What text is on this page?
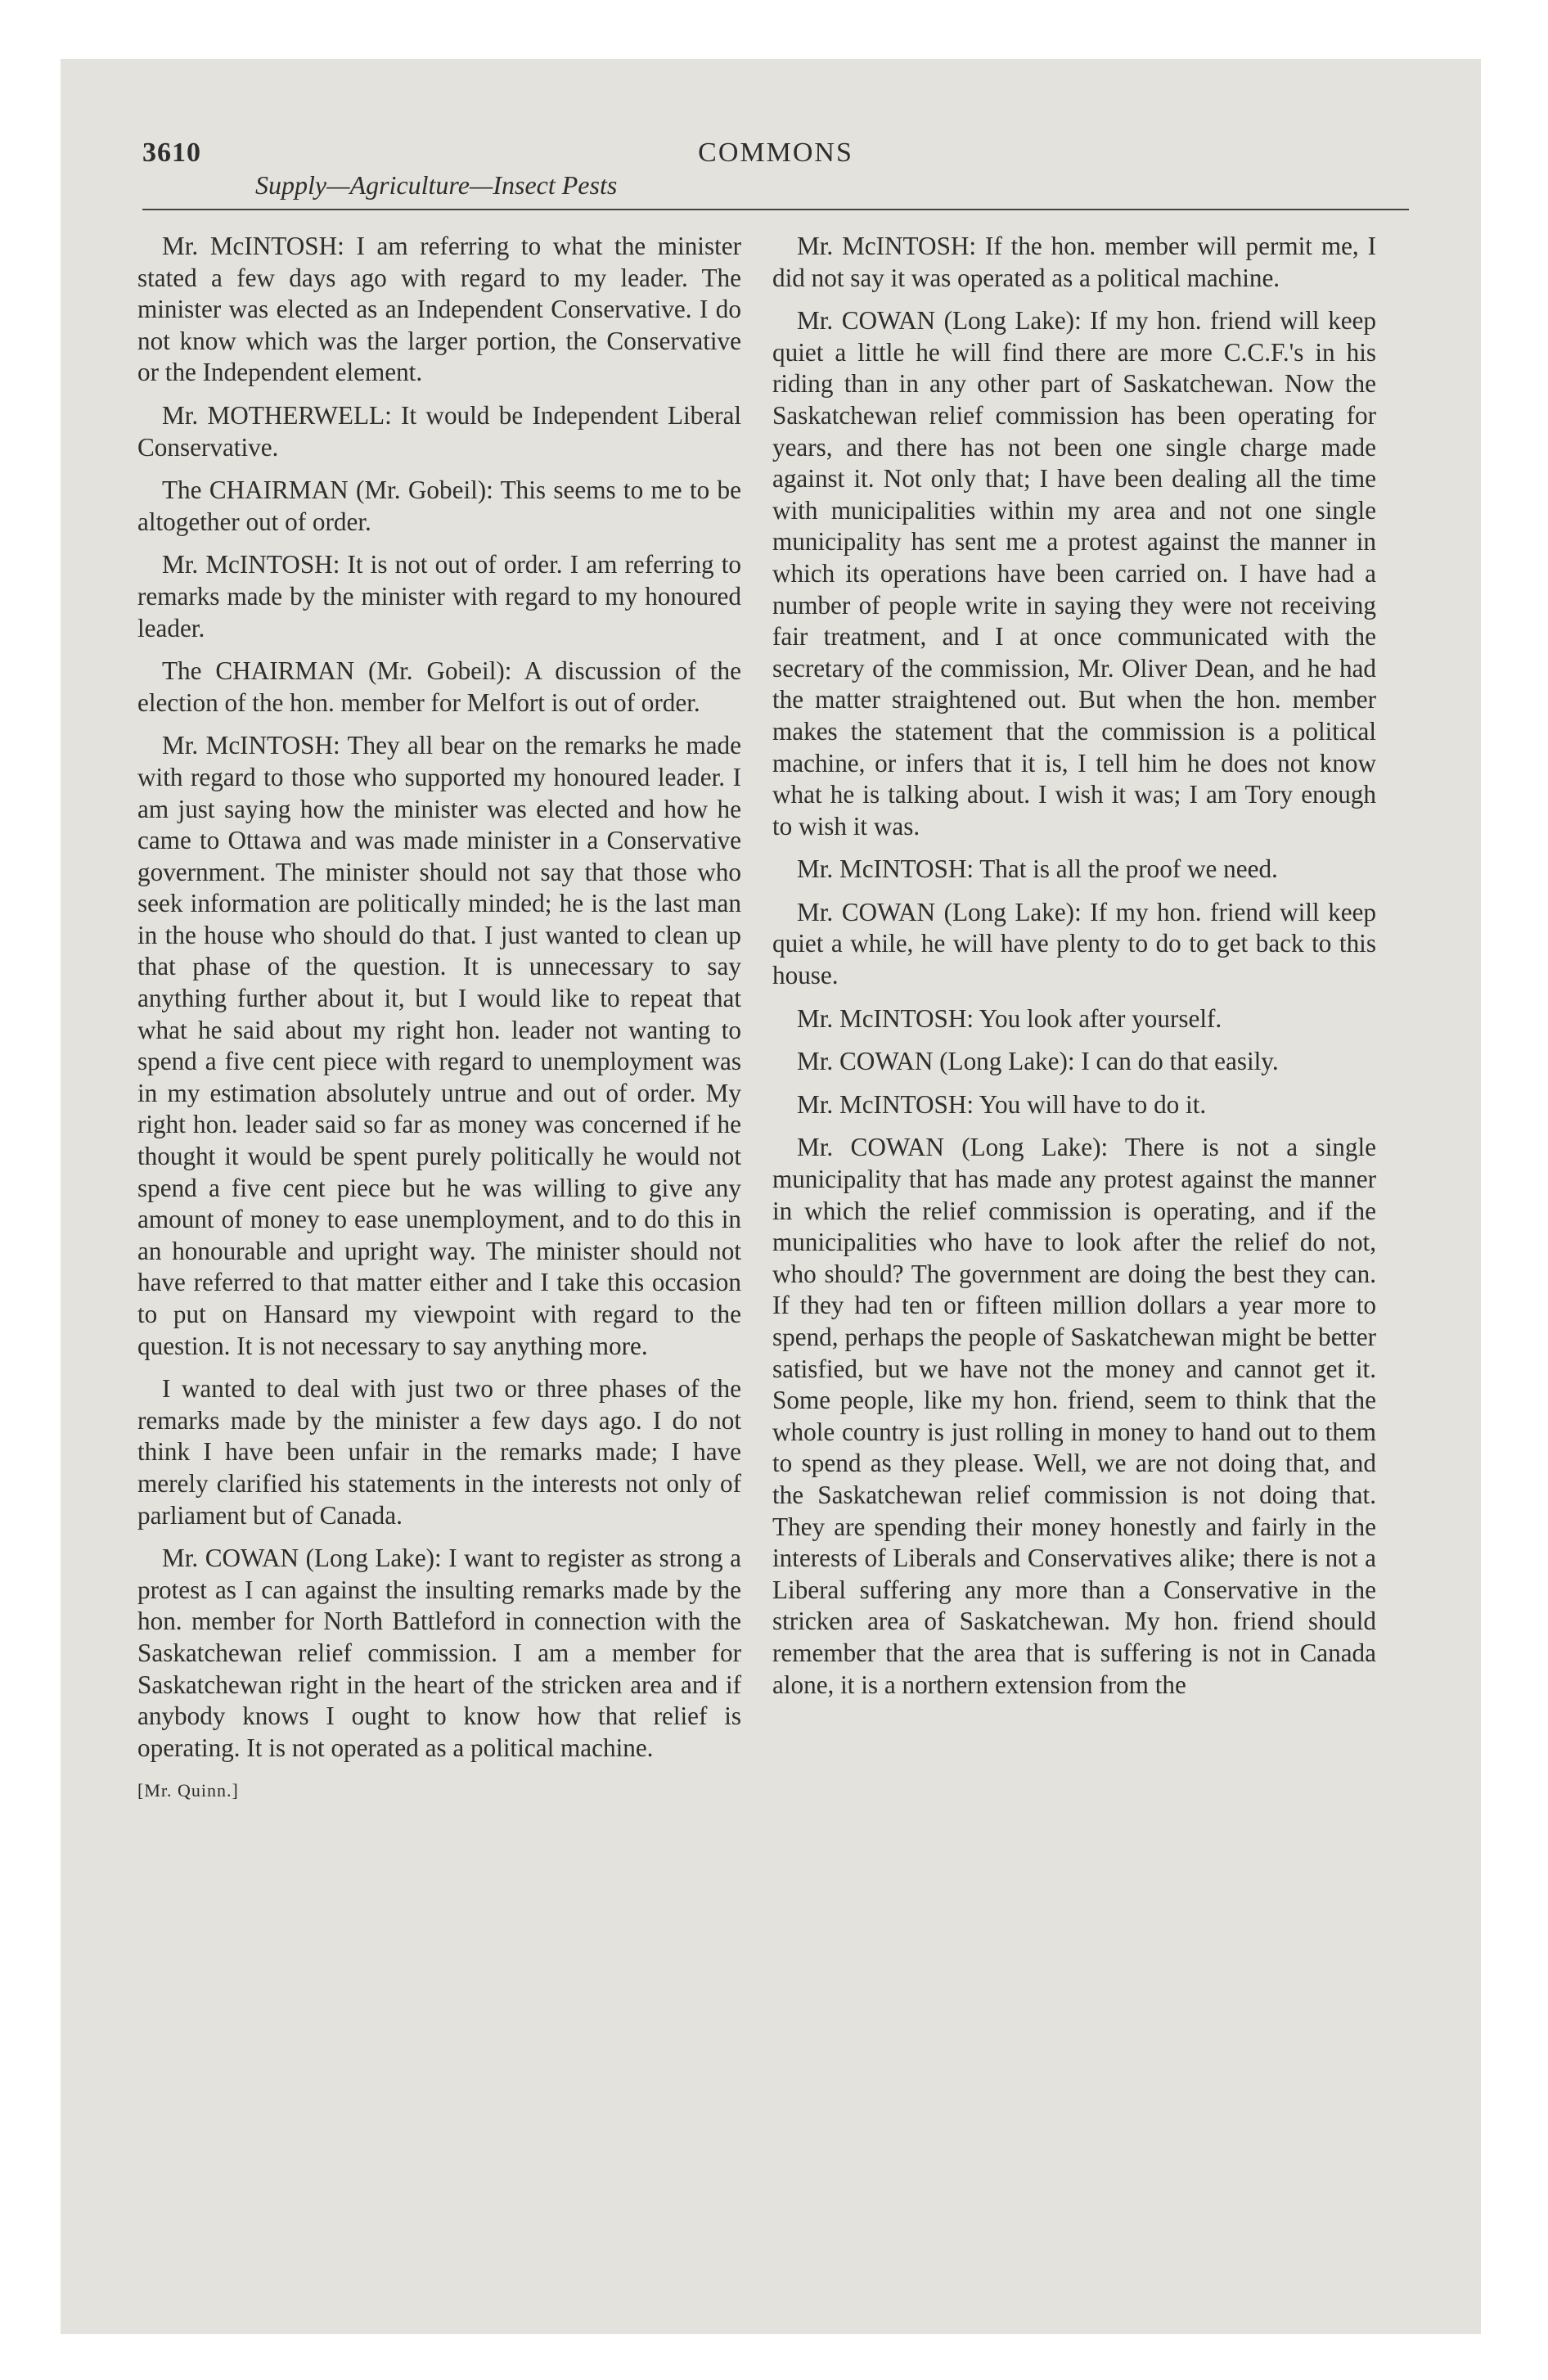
3610	COMMONS
Supply—Agriculture—Insect Pests

Mr. McINTOSH: I am referring to what the minister stated a few days ago with regard to my leader. The minister was elected as an Independent Conservative. I do not know which was the larger portion, the Conservative or the Independent element.

Mr. MOTHERWELL: It would be Independent Liberal Conservative.

The CHAIRMAN (Mr. Gobeil): This seems to me to be altogether out of order.

Mr. McINTOSH: It is not out of order. I am referring to remarks made by the minister with regard to my honoured leader.

The CHAIRMAN (Mr. Gobeil): A discussion of the election of the hon. member for Melfort is out of order.

Mr. McINTOSH: They all bear on the remarks he made with regard to those who supported my honoured leader. I am just saying how the minister was elected and how he came to Ottawa and was made minister in a Conservative government. The minister should not say that those who seek information are politically minded; he is the last man in the house who should do that. I just wanted to clean up that phase of the question. It is unnecessary to say anything further about it, but I would like to repeat that what he said about my right hon. leader not wanting to spend a five cent piece with regard to unemployment was in my estimation absolutely untrue and out of order. My right hon. leader said so far as money was concerned if he thought it would be spent purely politically he would not spend a five cent piece but he was willing to give any amount of money to ease unemployment, and to do this in an honourable and upright way. The minister should not have referred to that matter either and I take this occasion to put on Hansard my viewpoint with regard to the question. It is not necessary to say anything more.

I wanted to deal with just two or three phases of the remarks made by the minister a few days ago. I do not think I have been unfair in the remarks made; I have merely clarified his statements in the interests not only of parliament but of Canada.

Mr. COWAN (Long Lake): I want to register as strong a protest as I can against the insulting remarks made by the hon. member for North Battleford in connection with the Saskatchewan relief commission. I am a member for Saskatchewan right in the heart of the stricken area and if anybody knows I ought to know how that relief is operating. It is not operated as a political machine.

[Mr. Quinn.]

Mr. McINTOSH: If the hon. member will permit me, I did not say it was operated as a political machine.

Mr. COWAN (Long Lake): If my hon. friend will keep quiet a little he will find there are more C.C.F.'s in his riding than in any other part of Saskatchewan. Now the Saskatchewan relief commission has been operating for years, and there has not been one single charge made against it. Not only that; I have been dealing all the time with municipalities within my area and not one single municipality has sent me a protest against the manner in which its operations have been carried on. I have had a number of people write in saying they were not receiving fair treatment, and I at once communicated with the secretary of the commission, Mr. Oliver Dean, and he had the matter straightened out. But when the hon. member makes the statement that the commission is a political machine, or infers that it is, I tell him he does not know what he is talking about. I wish it was; I am Tory enough to wish it was.

Mr. McINTOSH: That is all the proof we need.

Mr. COWAN (Long Lake): If my hon. friend will keep quiet a while, he will have plenty to do to get back to this house.

Mr. McINTOSH: You look after yourself.

Mr. COWAN (Long Lake): I can do that easily.

Mr. McINTOSH: You will have to do it.

Mr. COWAN (Long Lake): There is not a single municipality that has made any protest against the manner in which the relief commission is operating, and if the municipalities who have to look after the relief do not, who should? The government are doing the best they can. If they had ten or fifteen million dollars a year more to spend, perhaps the people of Saskatchewan might be better satisfied, but we have not the money and cannot get it. Some people, like my hon. friend, seem to think that the whole country is just rolling in money to hand out to them to spend as they please. Well, we are not doing that, and the Saskatchewan relief commission is not doing that. They are spending their money honestly and fairly in the interests of Liberals and Conservatives alike; there is not a Liberal suffering any more than a Conservative in the stricken area of Saskatchewan. My hon. friend should remember that the area that is suffering is not in Canada alone, it is a northern extension from the
